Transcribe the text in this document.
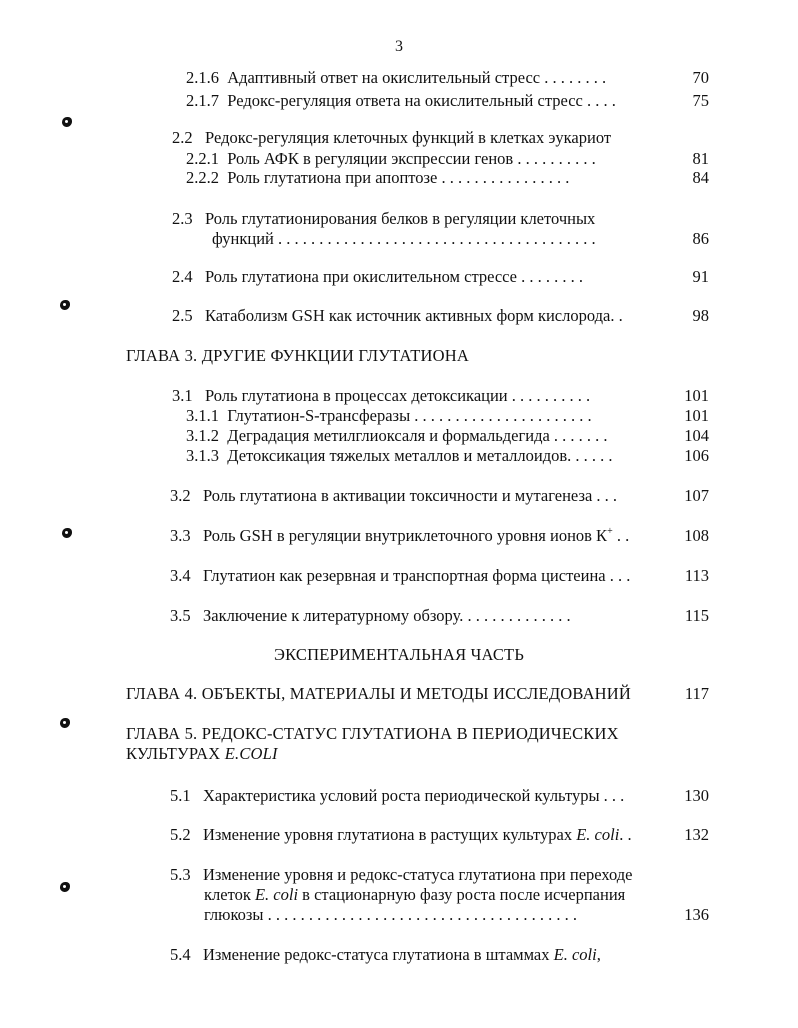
3
2.1.6 Адаптивный ответ на окислительный стресс . . . . . . . .	70
2.1.7 Редокс-регуляция ответа на окислительный стресс . . . .	75
2.2 Редокс-регуляция клеточных функций в клетках эукариот
2.2.1 Роль АФК в регуляции экспрессии генов . . . . . . . . . .	81
2.2.2 Роль глутатиона при апоптозе . . . . . . . . . . . . . . . .	84
2.3 Роль глутатионирования белков в регуляции клеточных
функций . . . . . . . . . . . . . . . . . . . . . . . . . . . . . . . . . . . . . . .	86
2.4 Роль глутатиона при окислительном стрессе . . . . . . . .	91
2.5 Катаболизм GSH как источник активных форм кислорода. .	98
ГЛАВА 3. ДРУГИЕ ФУНКЦИИ ГЛУТАТИОНА
3.1 Роль глутатиона в процессах детоксикации . . . . . . . . . .	101
3.1.1 Глутатион-S-трансферазы . . . . . . . . . . . . . . . . . . . . . .	101
3.1.2 Деградация метилглиоксаля и формальдегида . . . . . . .	104
3.1.3 Детоксикация тяжелых металлов и металлоидов. . . . . .	106
3.2 Роль глутатиона в активации токсичности и мутагенеза . . .	107
3.3 Роль GSH в регуляции внутриклеточного уровня ионов К+ . .	108
3.4 Глутатион как резервная и транспортная форма цистеина . . .	113
3.5 Заключение к литературному обзору. . . . . . . . . . . . . .	115
ЭКСПЕРИМЕНТАЛЬНАЯ ЧАСТЬ
ГЛАВА 4. ОБЪЕКТЫ, МАТЕРИАЛЫ И МЕТОДЫ ИССЛЕДОВАНИЙ	117
ГЛАВА 5. РЕДОКС-СТАТУС ГЛУТАТИОНА В ПЕРИОДИЧЕСКИХ
КУЛЬТУРАХ E.COLI
5.1 Характеристика условий роста периодической культуры . . .	130
5.2 Изменение уровня глутатиона в растущих культурах E. coli. .	132
5.3 Изменение уровня и редокс-статуса глутатиона при переходе
клеток E. coli в стационарную фазу роста после исчерпания
глюкозы . . . . . . . . . . . . . . . . . . . . . . . . . . . . . . . . . . . . . .	136
5.4 Изменение редокс-статуса глутатиона в штаммах E. coli,
